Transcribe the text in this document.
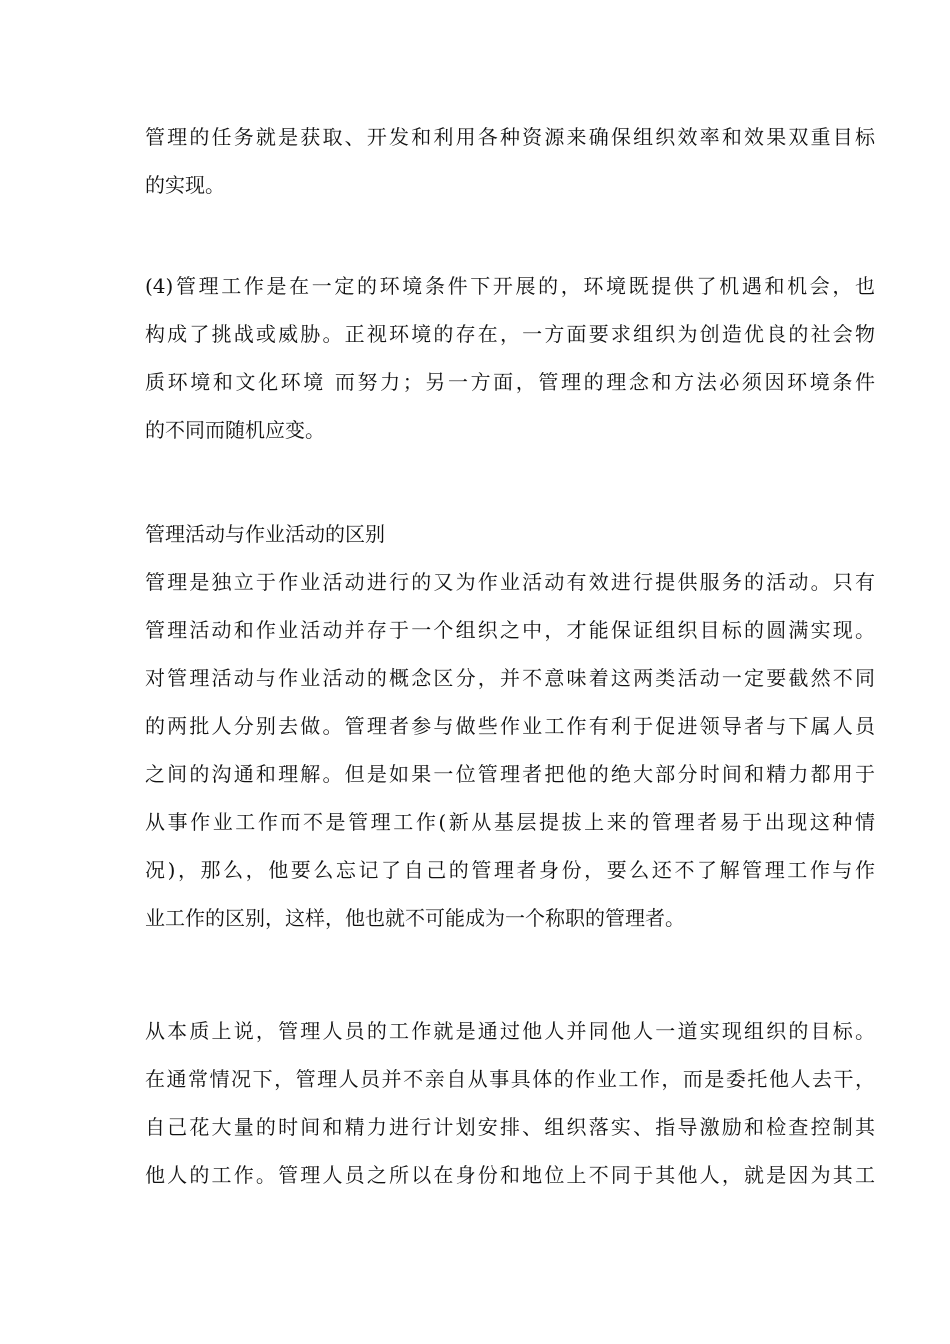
管理的任务就是获取、开发和利用各种资源来确保组织效率和效果双重目标
的实现。
(4)管理工作是在一定的环境条件下开展的，环境既提供了机遇和机会，也
构成了挑战或威胁。正视环境的存在，一方面要求组织为创造优良的社会物
质环境和文化环境 而努力；另一方面，管理的理念和方法必须因环境条件
的不同而随机应变。
管理活动与作业活动的区别
管理是独立于作业活动进行的又为作业活动有效进行提供服务的活动。只有
管理活动和作业活动并存于一个组织之中，才能保证组织目标的圆满实现。
对管理活动与作业活动的概念区分，并不意味着这两类活动一定要截然不同
的两批人分别去做。管理者参与做些作业工作有利于促进领导者与下属人员
之间的沟通和理解。但是如果一位管理者把他的绝大部分时间和精力都用于
从事作业工作而不是管理工作(新从基层提拔上来的管理者易于出现这种情
况)，那么，他要么忘记了自己的管理者身份，要么还不了解管理工作与作
业工作的区别，这样，他也就不可能成为一个称职的管理者。
从本质上说，管理人员的工作就是通过他人并同他人一道实现组织的目标。
在通常情况下，管理人员并不亲自从事具体的作业工作，而是委托他人去干，
自己花大量的时间和精力进行计划安排、组织落实、指导激励和检查控制其
他人的工作。管理人员之所以在身份和地位上不同于其他人，就是因为其工
